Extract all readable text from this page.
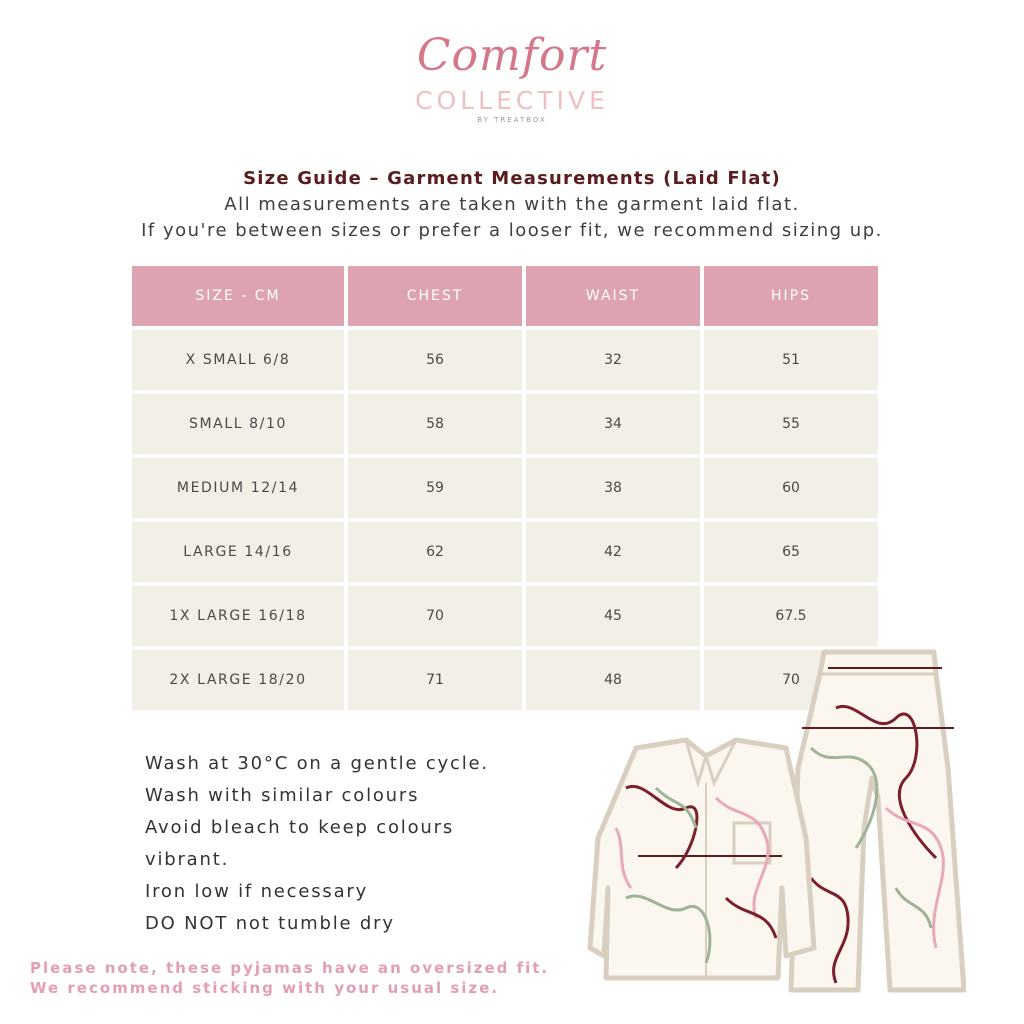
Comfort
COLLECTIVE
BY TREATBOX
Size Guide – Garment Measurements (Laid Flat)
All measurements are taken with the garment laid flat.
If you're between sizes or prefer a looser fit, we recommend sizing up.
SIZE - CM	CHEST	WAIST	HIPS
X SMALL 6/8	56	32	51
SMALL 8/10	58	34	55
MEDIUM 12/14	59	38	60
LARGE 14/16	62	42	65
1X LARGE 16/18	70	45	67.5
2X LARGE 18/20	71	48	70
Wash at 30°C on a gentle cycle.
Wash with similar colours
Avoid bleach to keep colours
vibrant.
Iron low if necessary
DO NOT not tumble dry
Please note, these pyjamas have an oversized fit.
We recommend sticking with your usual size.
